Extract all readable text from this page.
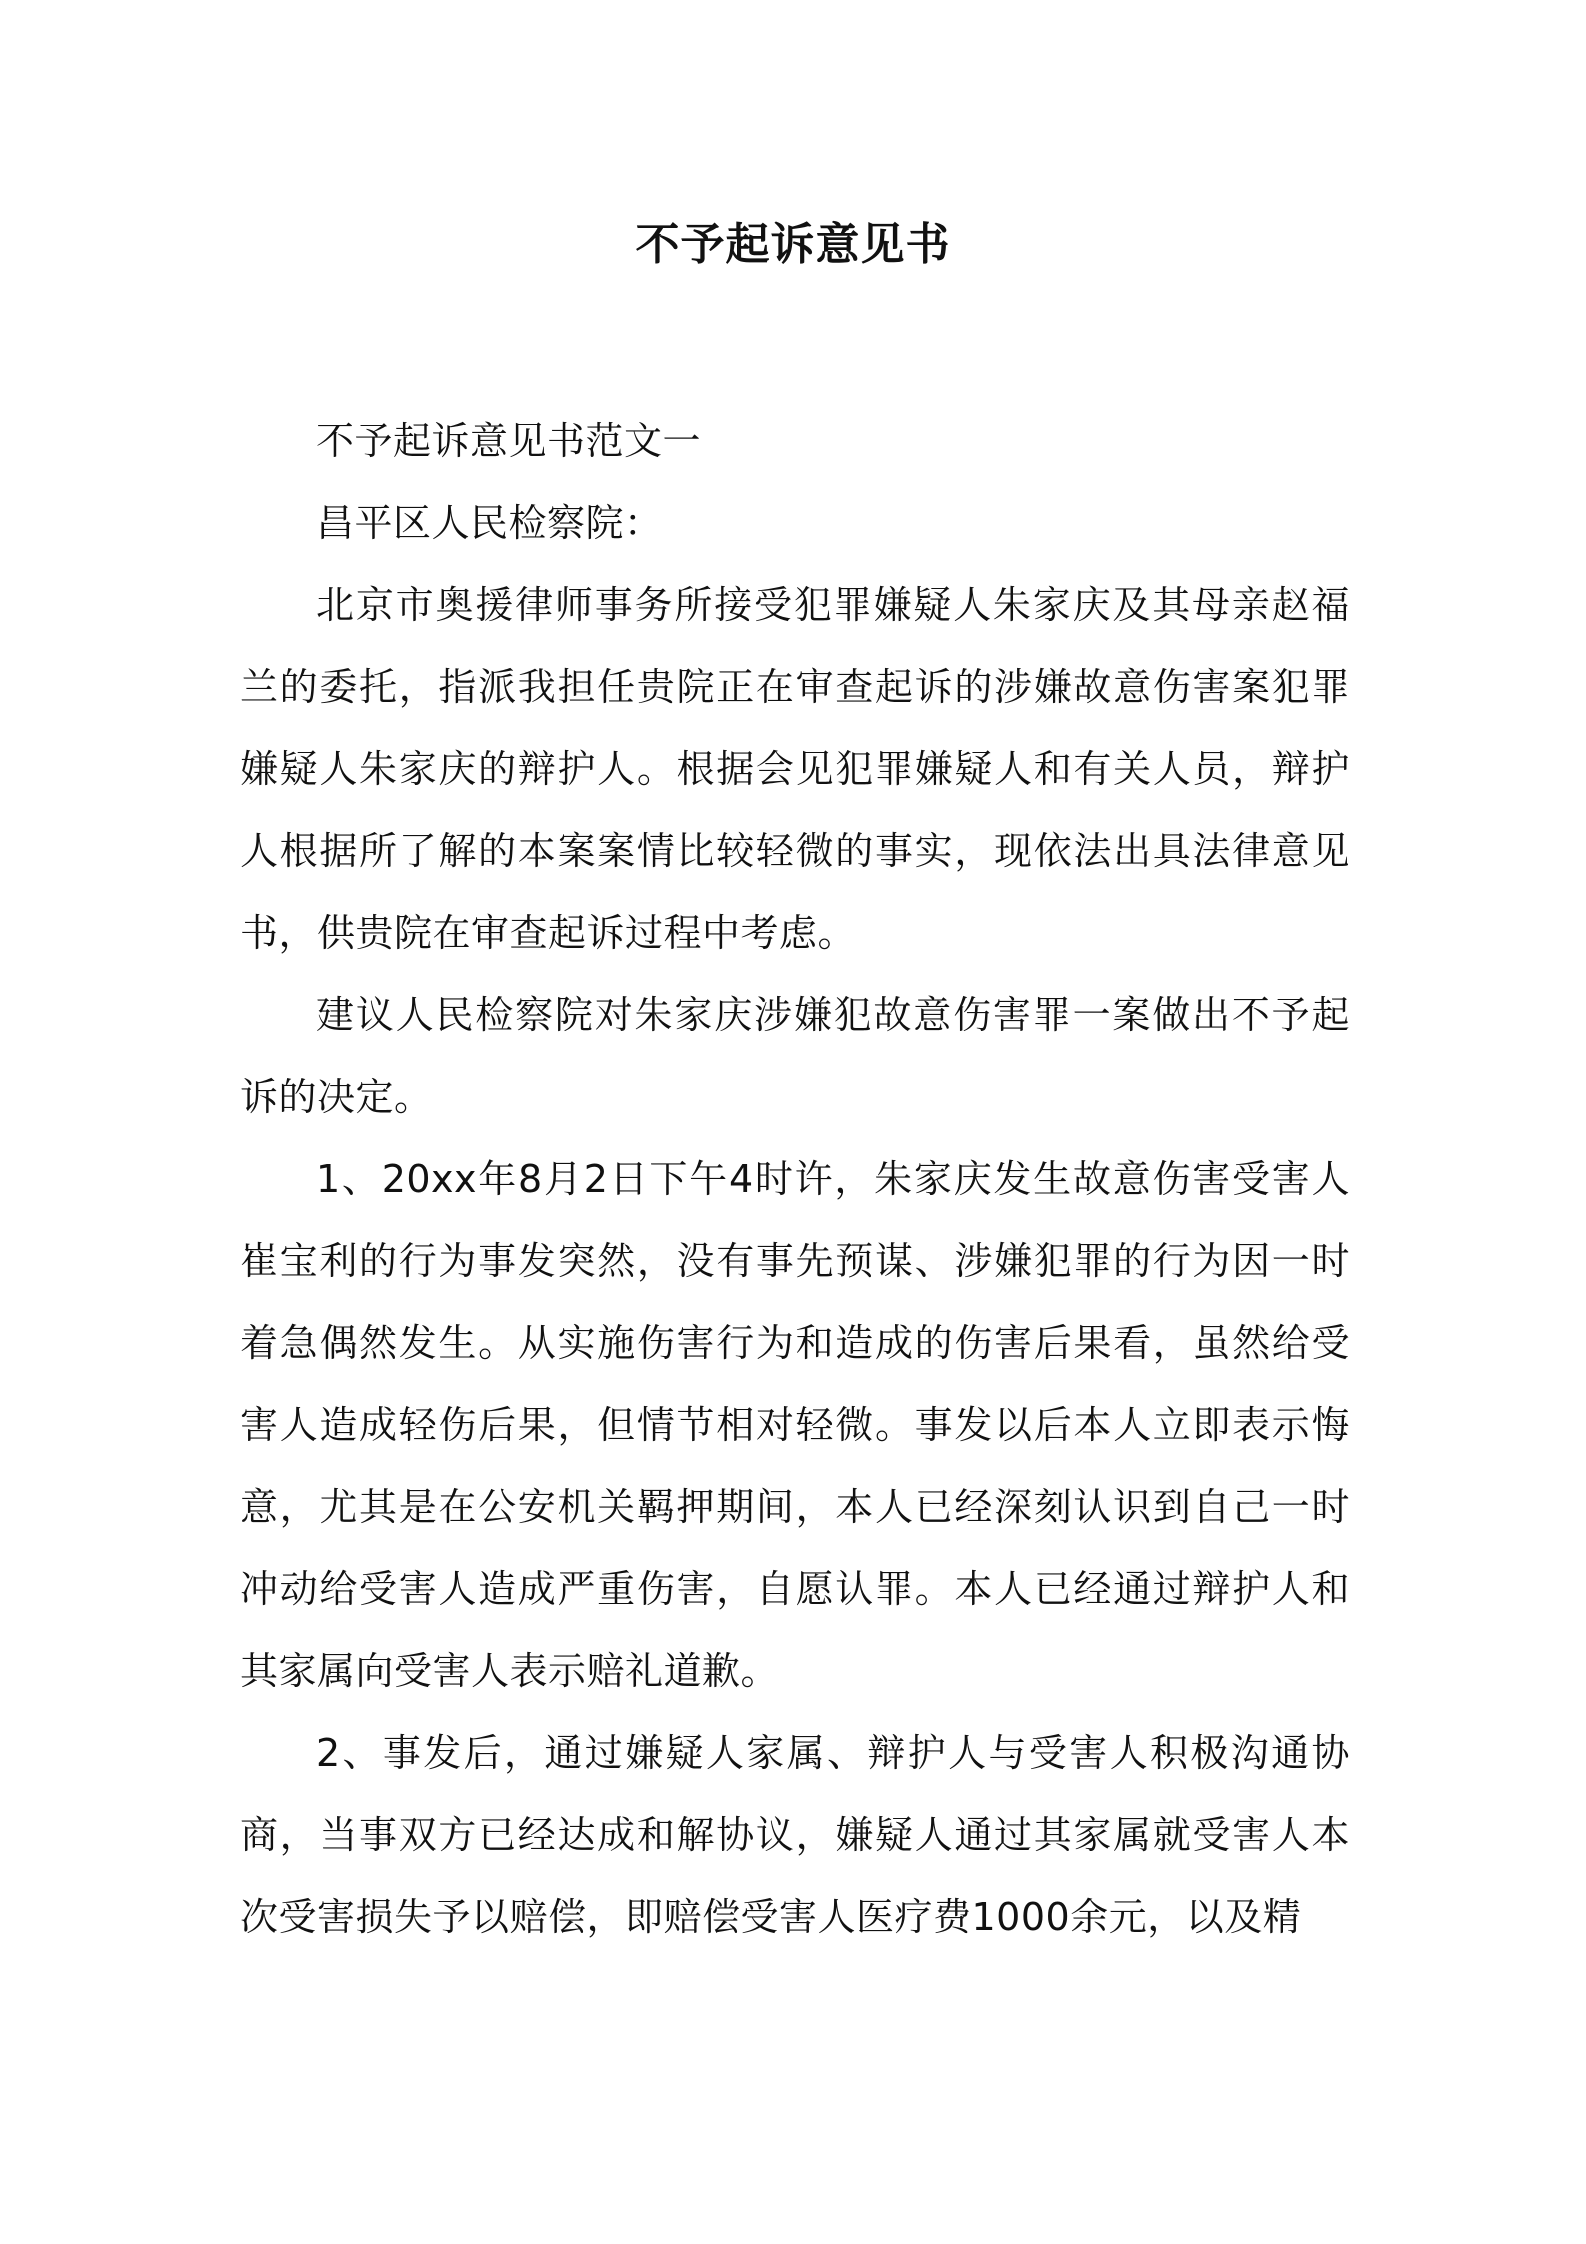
不予起诉意见书

不予起诉意见书范文一

昌平区人民检察院：

北京市奥援律师事务所接受犯罪嫌疑人朱家庆及其母亲赵福兰的委托，指派我担任贵院正在审查起诉的涉嫌故意伤害案犯罪嫌疑人朱家庆的辩护人。根据会见犯罪嫌疑人和有关人员，辩护人根据所了解的本案案情比较轻微的事实，现依法出具法律意见书，供贵院在审查起诉过程中考虑。

建议人民检察院对朱家庆涉嫌犯故意伤害罪一案做出不予起诉的决定。

1、20xx年8月2日下午4时许，朱家庆发生故意伤害受害人崔宝利的行为事发突然，没有事先预谋、涉嫌犯罪的行为因一时着急偶然发生。从实施伤害行为和造成的伤害后果看，虽然给受害人造成轻伤后果，但情节相对轻微。事发以后本人立即表示悔意，尤其是在公安机关羁押期间，本人已经深刻认识到自己一时冲动给受害人造成严重伤害，自愿认罪。本人已经通过辩护人和其家属向受害人表示赔礼道歉。

2、事发后，通过嫌疑人家属、辩护人与受害人积极沟通协商，当事双方已经达成和解协议，嫌疑人通过其家属就受害人本次受害损失予以赔偿，即赔偿受害人医疗费1000余元，以及精
